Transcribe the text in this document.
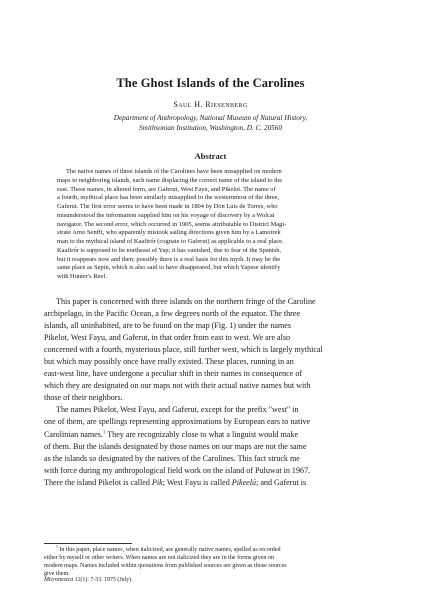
The Ghost Islands of the Carolines
Saul H. Riesenberg
Department of Anthropology, National Museum of Natural History,
Smithsonian Institution, Washington, D. C. 20560
Abstract
The native names of three islands of the Carolines have been misapplied on modern
maps to neighboring islands, each name displacing the correct name of the island to the
east. These names, in altered form, are Gaferut, West Fayu, and Pikelot. The name of
a fourth, mythical place has been similarly misapplied to the westernmost of the three,
Gaferut. The first error seems to have been made in 1804 by Don Luis de Torres, who
misunderstood the information supplied him on his voyage of discovery by a Wolcai
navigator. The second error, which occurred in 1905, seems attributable to District Magi-
strate Arno Senfft, who apparently mistook sailing directions given him by a Lamotrek
man to the mythical island of Kaafirór (cognate to Gaferut) as applicable to a real place.
Kaafirór is supposed to lie northeast of Yap; it has vanished, due to fear of the Spanish,
but it reappears now and then; possibly there is a real basis for this myth. It may be the
same place as Sepin, which is also said to have disappeared, but which Yapese identify
with Hunter's Reef.
This paper is concerned with three islands on the northern fringe of the Caroline
archipelago, in the Pacific Ocean, a few degrees north of the equator. The three
islands, all uninhabited, are to be found on the map (Fig. 1) under the names
Pikelot, West Fayu, and Gaferut, in that order from east to west. We are also
concerned with a fourth, mysterious place, still further west, which is largely mythical
but which may possibly once have really existed. These places, running in an
east-west line, have undergone a peculiar shift in their names in consequence of
which they are designated on our maps not with their actual native names but with
those of their neighbors.
The names Pikelot, West Fayu, and Gaferut, except for the prefix "west" in
one of them, are spellings representing approximations by European ears to native
Carolinian names.$^1$ They are recognizably close to what a linguist would make
of them. But the islands designated by those names on our maps are not the same
as the islands so designated by the natives of the Carolines. This fact struck me
with force during my anthropological field work on the island of Puluwat in 1967.
There the island Pikelot is called Pik; West Fayu is called Pikeelú; and Gaferut is
$^1$ In this paper, place names, when italicized, are generally native names, spelled as recorded
either by myself or other writers. When names are not italicized they are in the forms given on
modern maps. Names included within quotations from published sources are given as those sources
give them.
Micronesica 11(1): 7-33. 1975 (July).
